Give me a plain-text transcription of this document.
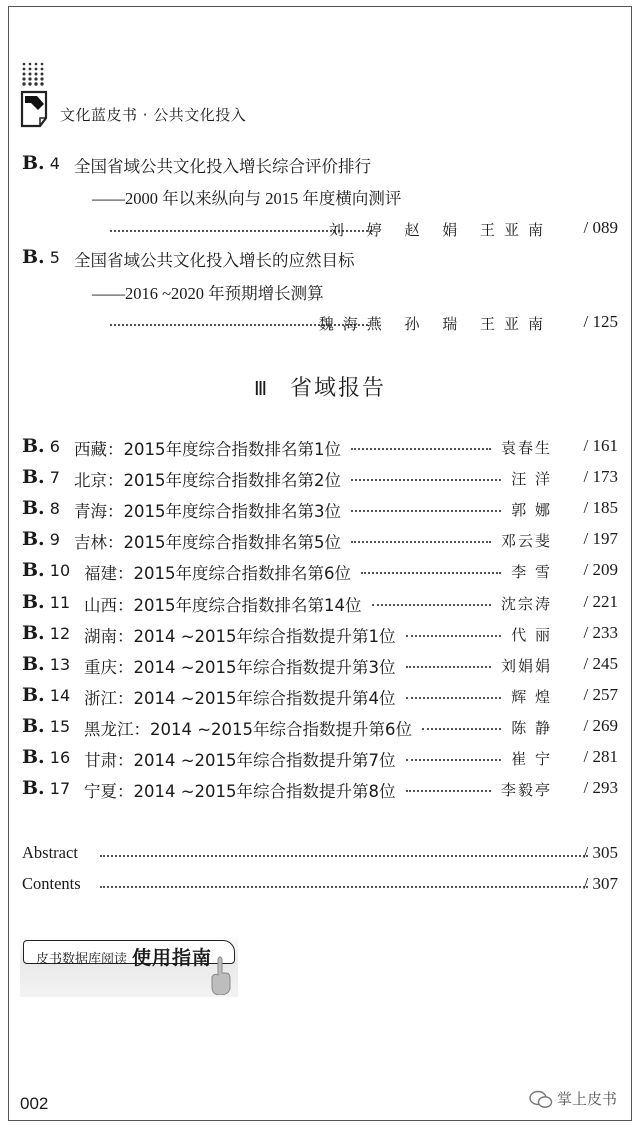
文化蓝皮书 · 公共文化投入
B. 4 全国省域公共文化投入增长综合评价排行
——2000 年以来纵向与 2015 年度横向测评
刘 婷 赵 娟 王亚南 / 089
B. 5 全国省域公共文化投入增长的应然目标
——2016 ~2020 年预期增长测算
魏海燕 孙 瑞 王亚南 / 125
Ⅲ 省域报告
B. 6 西藏：2015年度综合指数排名第1位	袁春生 / 161
B. 7 北京：2015年度综合指数排名第2位	汪 洋 / 173
B. 8 青海：2015年度综合指数排名第3位	郭 娜 / 185
B. 9 吉林：2015年度综合指数排名第5位	邓云斐 / 197
B. 10 福建：2015年度综合指数排名第6位	李 雪 / 209
B. 11 山西：2015年度综合指数排名第14位	沈宗涛 / 221
B. 12 湖南：2014 ~2015年综合指数提升第1位	代 丽 / 233
B. 13 重庆：2014 ~2015年综合指数提升第3位	刘娟娟 / 245
B. 14 浙江：2014 ~2015年综合指数提升第4位	辉 煌 / 257
B. 15 黑龙江：2014 ~2015年综合指数提升第6位	陈 静 / 269
B. 16 甘肃：2014 ~2015年综合指数提升第7位	崔 宁 / 281
B. 17 宁夏：2014 ~2015年综合指数提升第8位	李毅亭 / 293
Abstract	/ 305
Contents	/ 307
皮书数据库阅读 使用指南
002	掌上皮书
